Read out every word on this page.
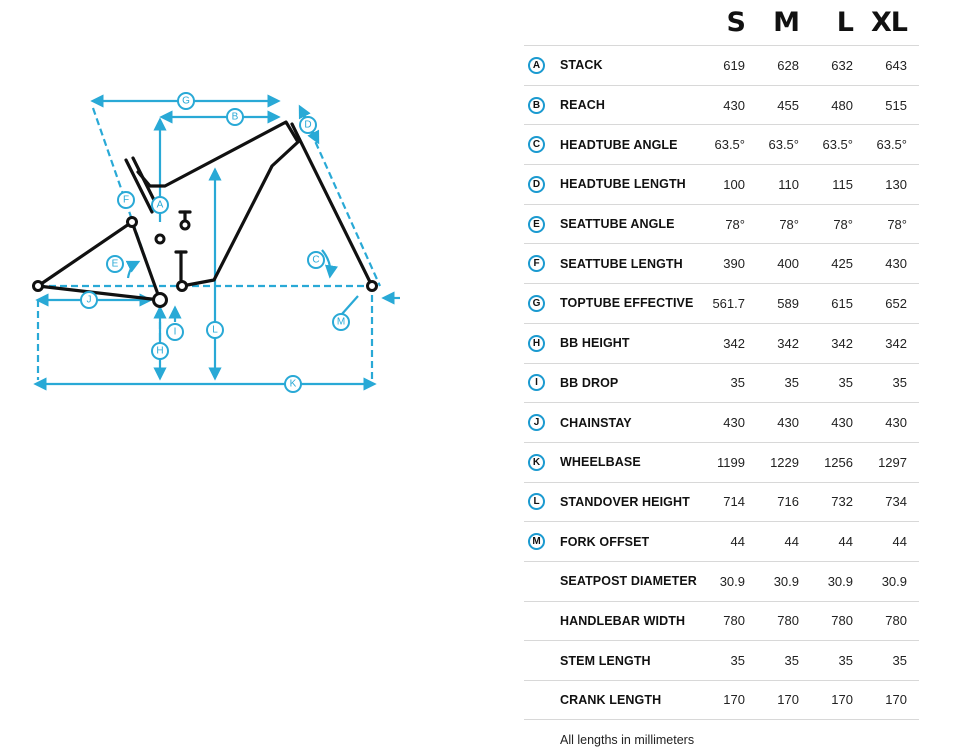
G
B
C
D
E
F	A
H
I
J
K
L
M
S	M	L XL
A	STACK	619	628	632	643
B	REACH	430	455	480	515
C	HEADTUBE ANGLE	63.5°	63.5°	63.5°	63.5°
D	HEADTUBE LENGTH	100	110	115	130
E	SEATTUBE ANGLE	78°	78°	78°	78°
F	SEATTUBE LENGTH	390	400	425	430
G	TOPTUBE EFFECTIVE	561.7	589	615	652
H	BB HEIGHT	342	342	342	342
I	BB DROP	35	35	35	35
J	CHAINSTAY	430	430	430	430
K	WHEELBASE	1199	1229	1256	1297
L	STANDOVER HEIGHT	714	716	732	734
M	FORK OFFSET	44	44	44	44
SEATPOST DIAMETER	30.9	30.9	30.9	30.9
HANDLEBAR WIDTH	780	780	780	780
STEM LENGTH	35	35	35	35
CRANK LENGTH	170	170	170	170
All lengths in millimeters
